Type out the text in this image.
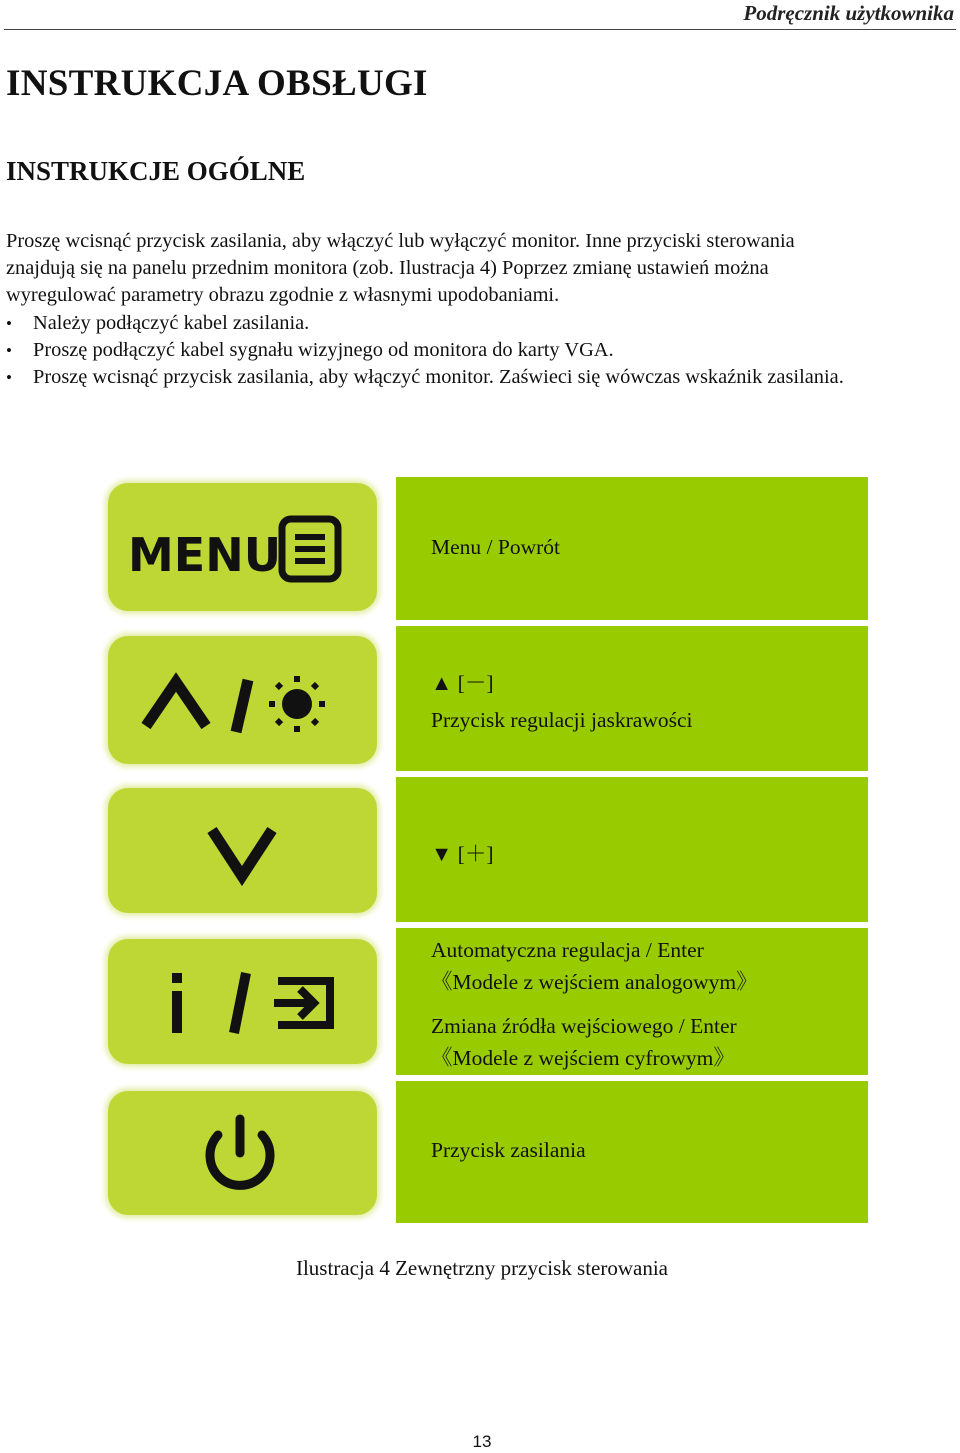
Podręcznik użytkownika
INSTRUKCJA OBSŁUGI
INSTRUKCJE OGÓLNE
Proszę wcisnąć przycisk zasilania, aby włączyć lub wyłączyć monitor. Inne przyciski sterowania
znajdują się na panelu przednim monitora (zob. Ilustracja 4) Poprzez zmianę ustawień można
wyregulować parametry obrazu zgodnie z własnymi upodobaniami.
• Należy podłączyć kabel zasilania.
• Proszę podłączyć kabel sygnału wizyjnego od monitora do karty VGA.
• Proszę wcisnąć przycisk zasilania, aby włączyć monitor. Zaświeci się wówczas wskaźnik zasilania.
MENU	Menu / Powrót
▲ [－]
Przycisk regulacji jaskrawości
▼ [＋]
Automatyczna regulacja / Enter
《Modele z wejściem analogowym》
Zmiana źródła wejściowego / Enter
《Modele z wejściem cyfrowym》
Przycisk zasilania
Ilustracja 4 Zewnętrzny przycisk sterowania
13
